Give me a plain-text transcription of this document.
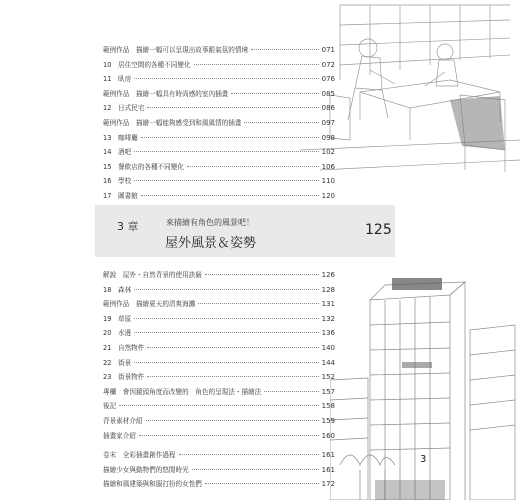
範例作品　描繪一幅可以呈現出故事跟氣氛的情境	071
10　居住空間的各種不同變化	072
11　臥房	076
範例作品　描繪一幅具有時尚感的室內插畫	085
12　日式民宅	086
範例作品　描繪一幅能夠感受到和風風情的插畫	097
13　咖啡廳	098
14　酒吧	102
15　餐飲店的各種不同變化	106
16　學校	110
17　圖書館	120
3 章	來描繪有角色的風景吧！
屋外風景＆姿勢
125
解說　屋外・自然背景的使用訣竅	126
18　森林	128
範例作品　描繪夏天的清爽海灘	131
19　草原	132
20　水邊	136
21　自然物件	140
22　街景	144
23　街景物件	152
專欄　會因鏡頭角度而改變的　角色的呈現法・描繪法	157
後記	158
背景素材介紹	159
插畫家介紹	160
卷末　全彩插畫創作過程	161
描繪少女與動物們的悠閒時光	161
描繪和風建築與和服打扮的女性們	172
3
